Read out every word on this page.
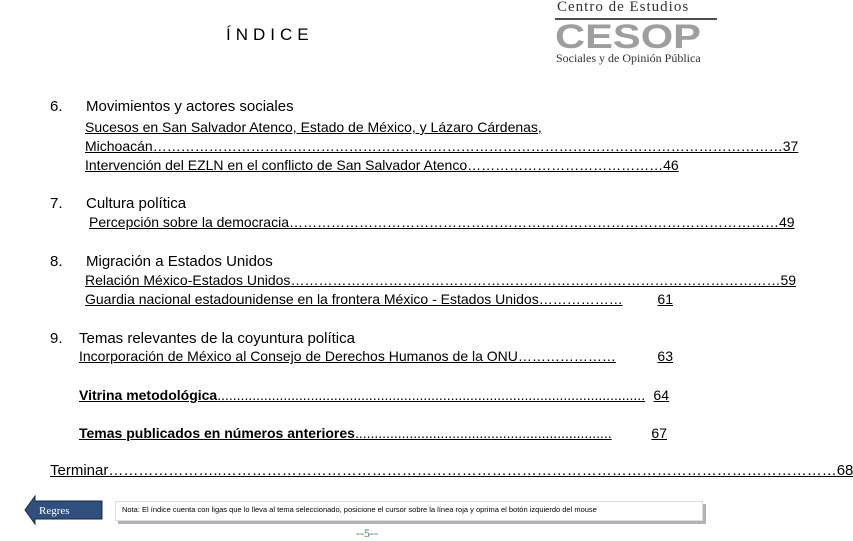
ÍNDICE
Centro de Estudios
CESOP
Sociales y de Opinión Pública
6. Movimientos y actores sociales
Sucesos en San Salvador Atenco, Estado de México, y Lázaro Cárdenas,
Michoacán ……………………………………………………………………………………………………………………… 37
Intervención del EZLN en el conflicto de San Salvador Atenco …………………………………… 46
7. Cultura política
Percepción sobre la democracia …………………………………………………………………………………………… 49
8. Migración a Estados Unidos
Relación México-Estados Unidos …………………………………………………………………………………………… 59
Guardia nacional estadounidense en la frontera México - Estados Unidos ………………	61
9. Temas relevantes de la coyuntura política
Incorporación de México al Consejo de Derechos Humanos de la ONU …………………	63
Vitrina metodológica .............................................................................................................. 64
Temas publicados en números anteriores ..................................................................	67
Terminar …………………..…………………………………………………………………………………………………………… 68
Regres	Nota: El índice cuenta con ligas que lo lleva al tema seleccionado, posicione el cursor sobre la línea roja y oprima el botón izquierdo del mouse
--5--
